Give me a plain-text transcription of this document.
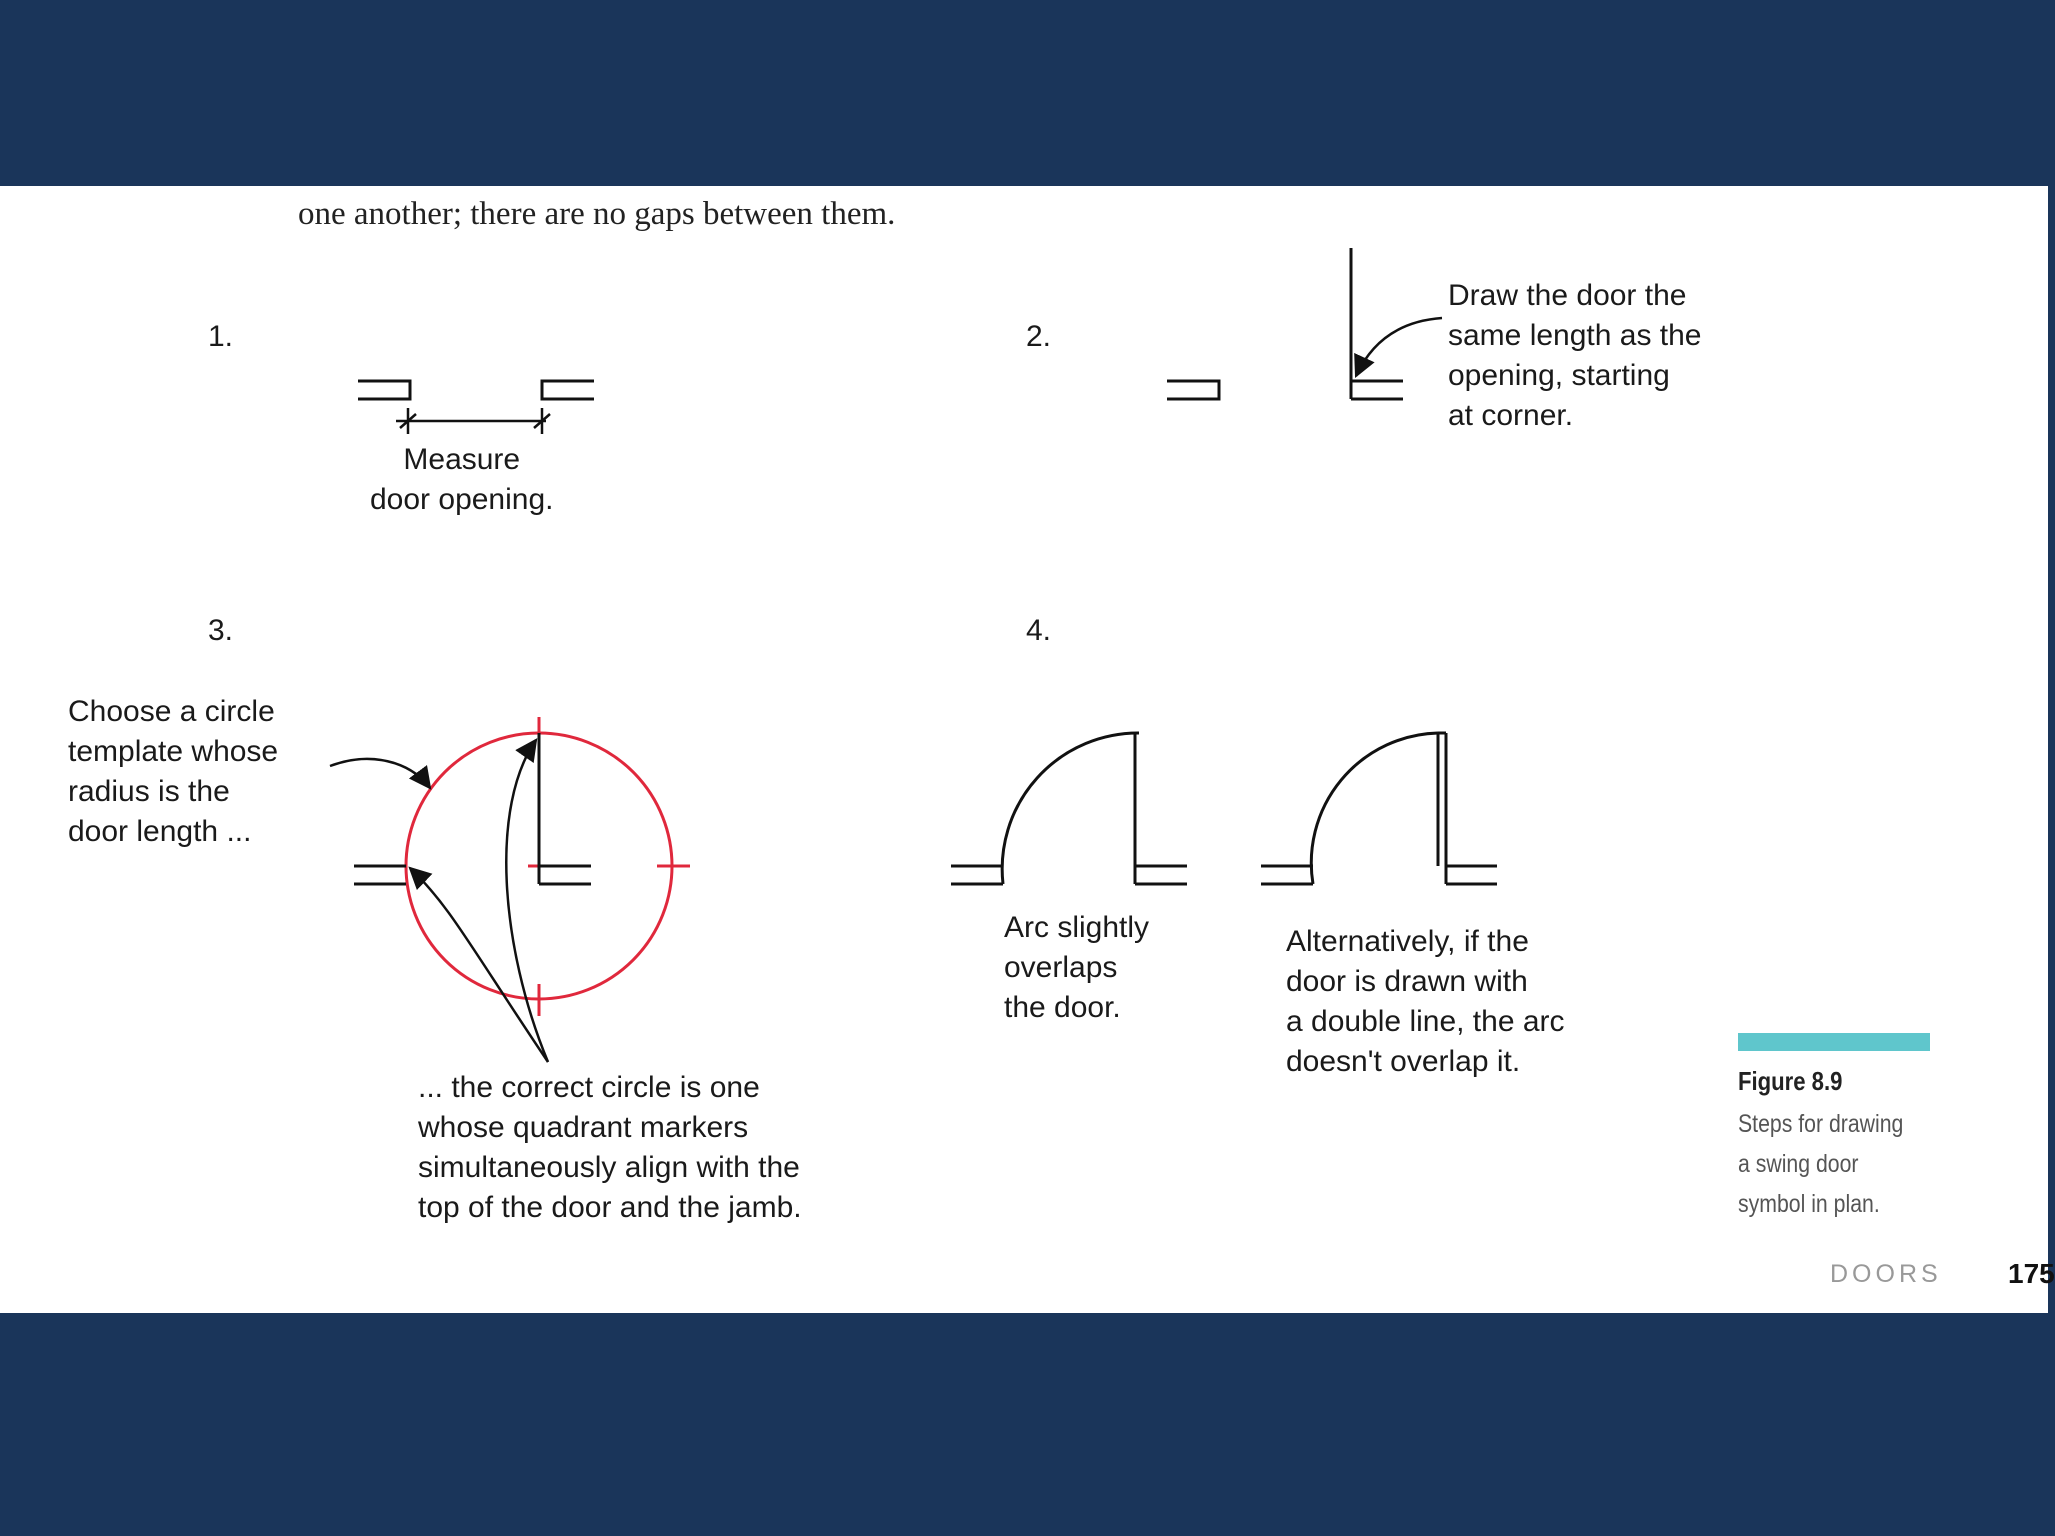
one another; there are no gaps between them.
1.	2.
3.	4.
Measure
door opening.
Draw the door the
same length as the
opening, starting
at corner.
Choose a circle
template whose
radius is the
door length ...
... the correct circle is one
whose quadrant markers
simultaneously align with the
top of the door and the jamb.
Arc slightly
overlaps
the door.
Alternatively, if the
door is drawn with
a double line, the arc
doesn't overlap it.
Figure 8.9
Steps for drawing
a swing door
symbol in plan.
DOORS 175
